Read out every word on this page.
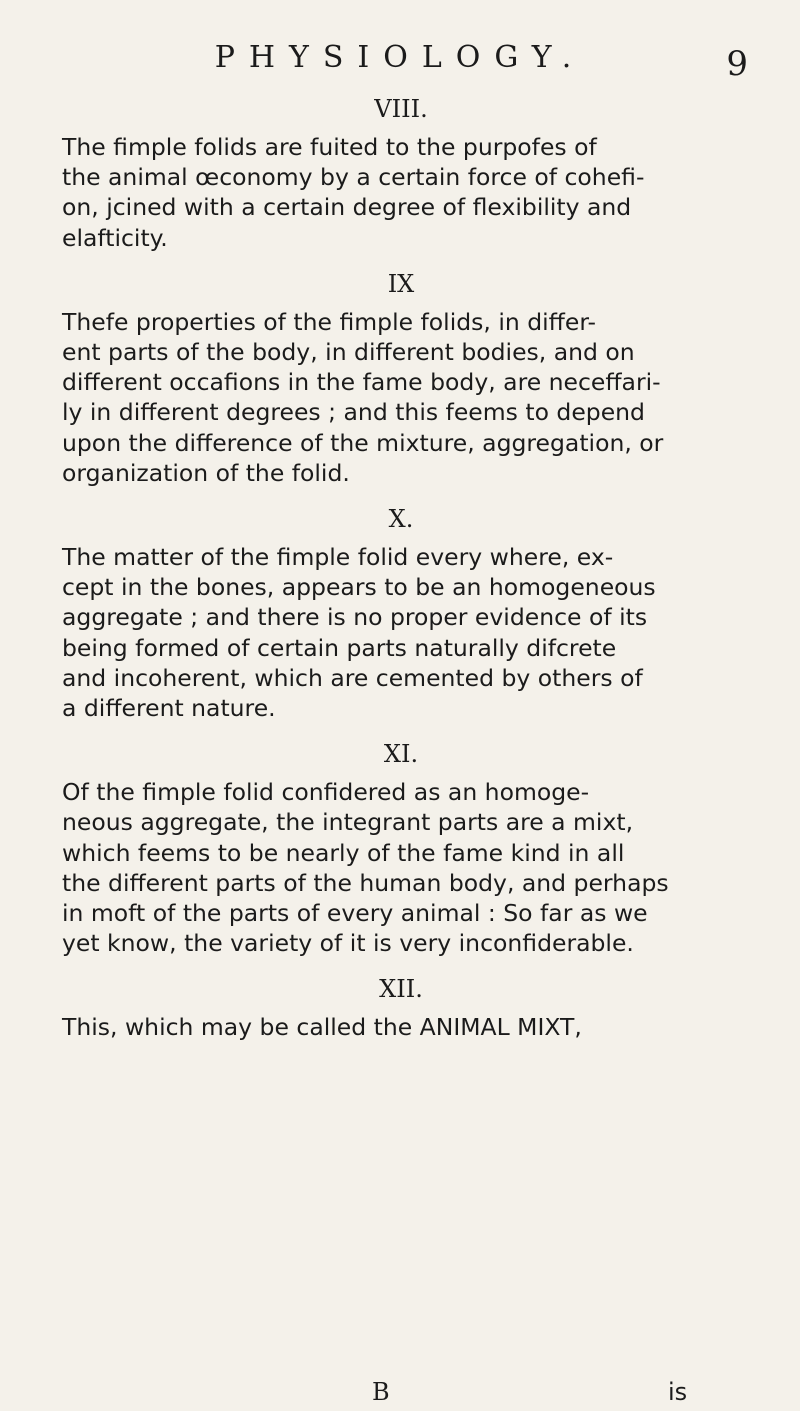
PHYSIOLOGY.	9
VIII.
The fimple folids are fuited to the purpofes of
the animal œconomy by a certain force of cohefi-
on, jcined with a certain degree of flexibility and
elafticity.
IX
Thefe properties of the fimple folids, in differ-
ent parts of the body, in different bodies, and on
different occafions in the fame body, are neceffari-
ly in different degrees ; and this feems to depend
upon the difference of the mixture, aggregation, or
organization of the folid.
X.
The matter of the fimple folid every where, ex-
cept in the bones, appears to be an homogeneous
aggregate ; and there is no proper evidence of its
being formed of certain parts naturally difcrete
and incoherent, which are cemented by others of
a different nature.
XI.
Of the fimple folid confidered as an homoge-
neous aggregate, the integrant parts are a mixt,
which feems to be nearly of the fame kind in all
the different parts of the human body, and perhaps
in moft of the parts of every animal : So far as we
yet know, the variety of it is very inconfiderable.
XII.
This, which may be called the ANIMAL MIXT,
B	is
